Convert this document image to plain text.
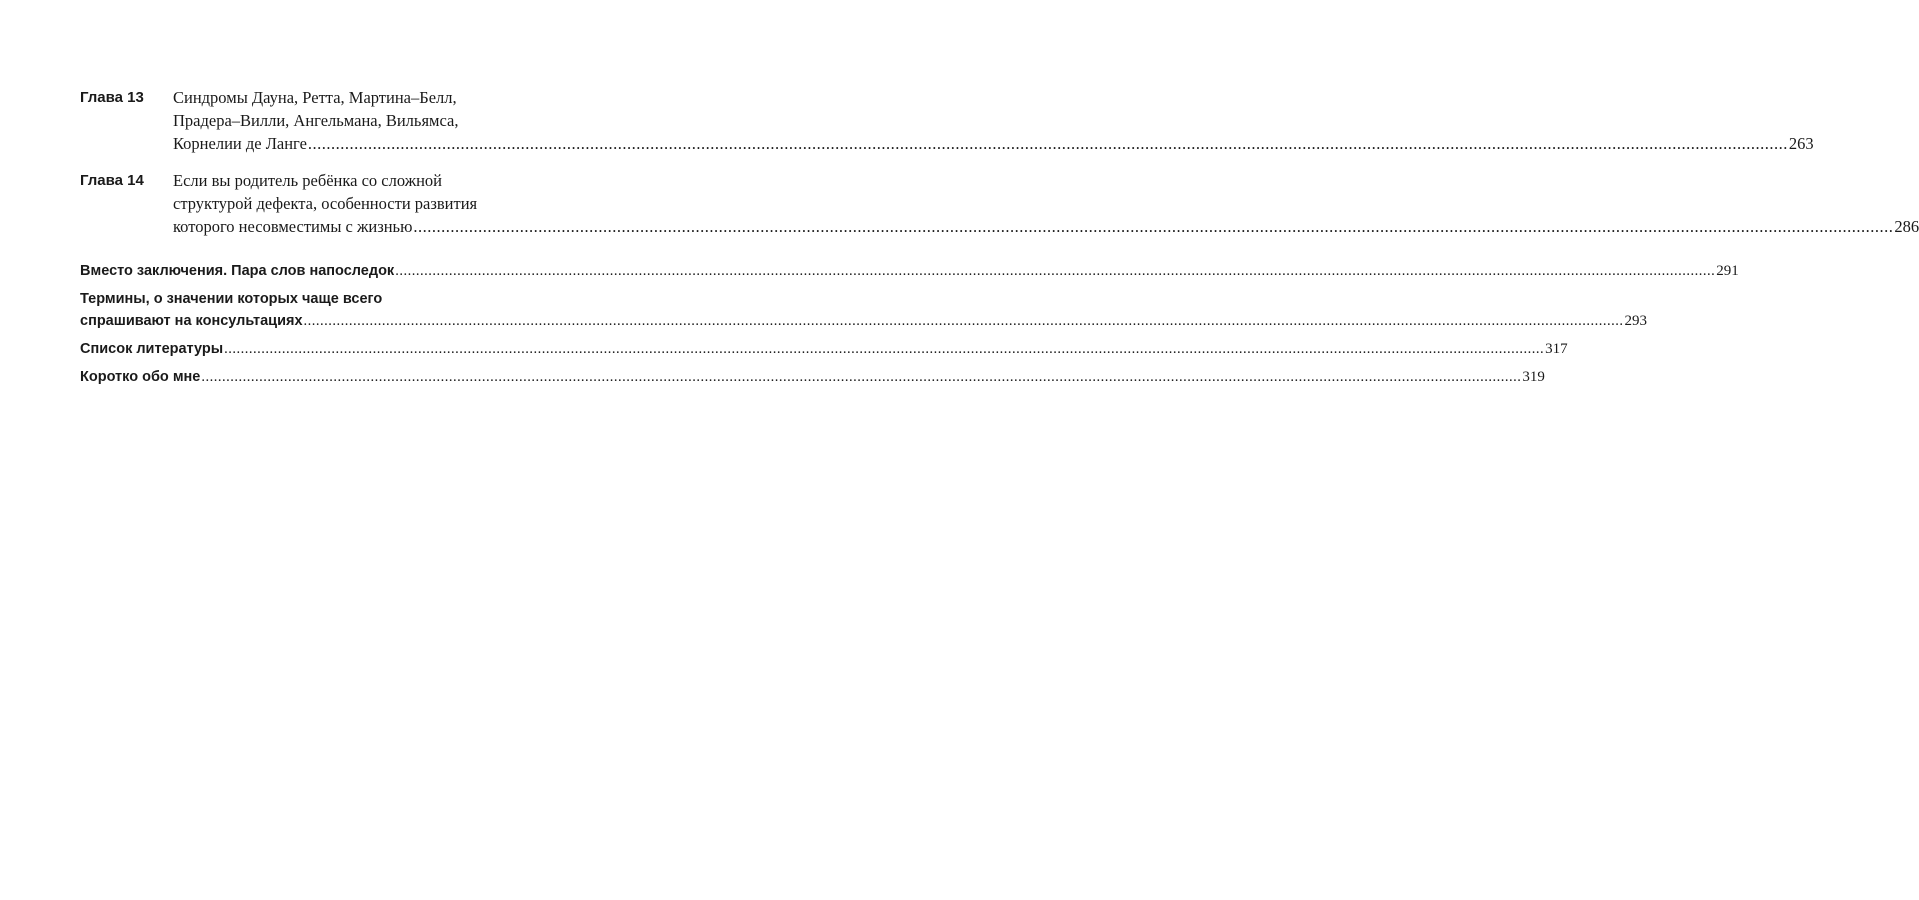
Глава 13	Синдромы Дауна, Ретта, Мартина–Белл,
Прадера–Вилли, Ангельмана, Вильямса,
Корнелии де Ланге .....	263
Глава 14	Если вы родитель ребёнка со сложной
структурой дефекта, особенности развития
которого несовместимы с жизнью .....	286
Вместо заключения. Пара слов напоследок .....	291
Термины, о значении которых чаще всего
спрашивают на консультациях .....	293
Список литературы .....	317
Коротко обо мне .....	319
